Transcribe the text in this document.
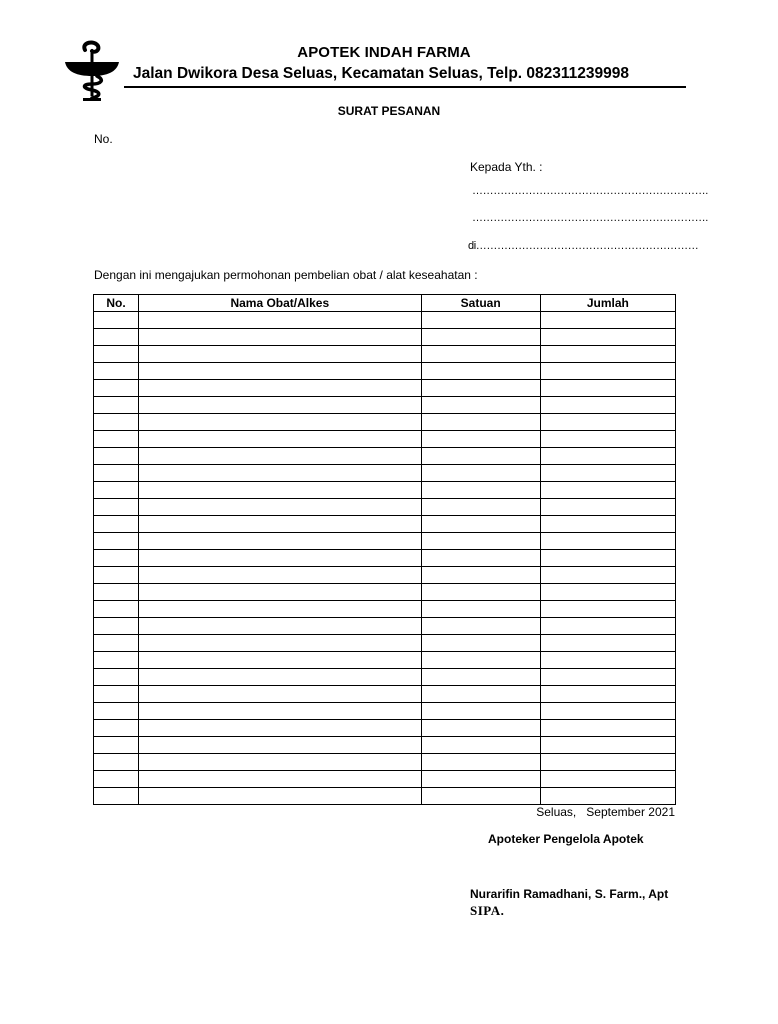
APOTEK INDAH FARMA
Jalan Dwikora Desa Seluas, Kecamatan Seluas, Telp. 082311239998
SURAT PESANAN
No.
Kepada Yth. :
………………………………………………………….
………………………………………………………….
di………………………………………………………
Dengan ini mengajukan permohonan pembelian obat / alat keseahatan :
No.	Nama Obat/Alkes	Satuan	Jumlah

Seluas,   September 2021
Apoteker Pengelola Apotek
Nurarifin Ramadhani, S. Farm., Apt
SIPA.
